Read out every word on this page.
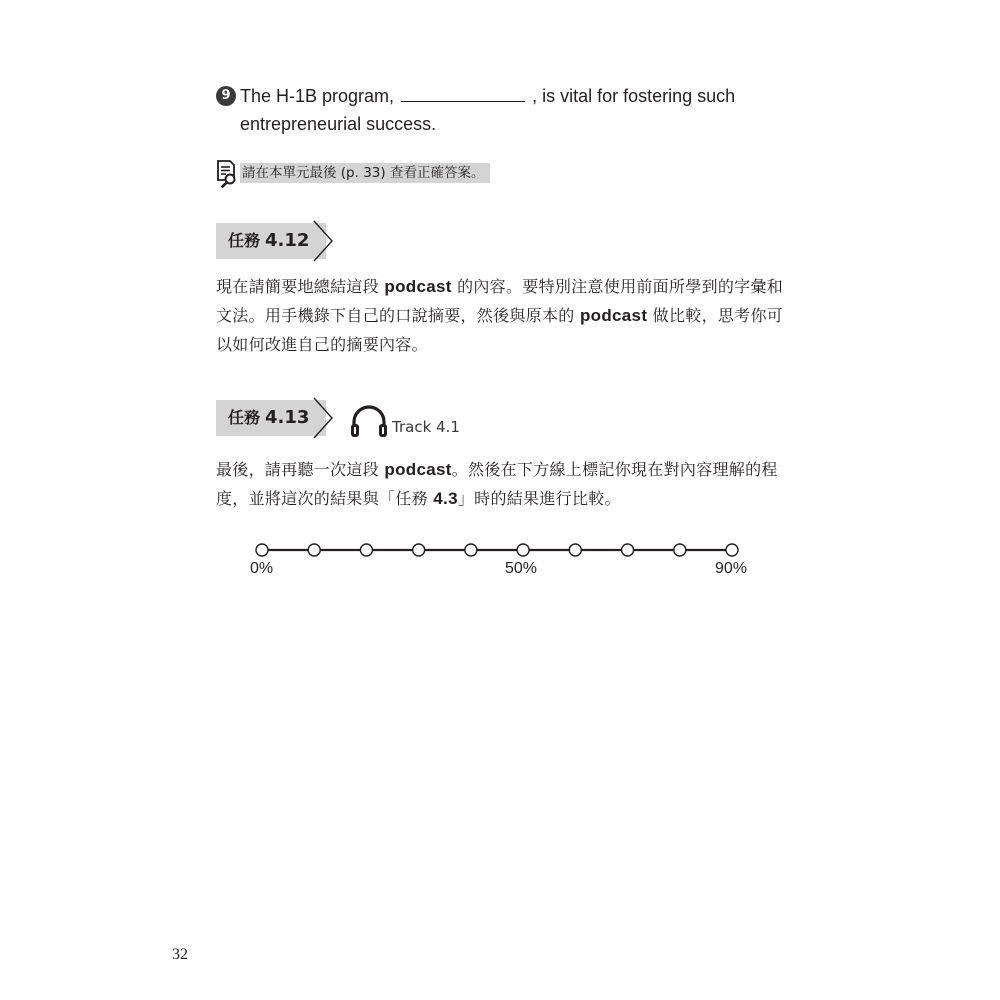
9 The H-1B program,	, is vital for fostering such
entrepreneurial success.
請在本單元最後 (p. 33) 查看正確答案。
任務 4.12
現在請簡要地總結這段 podcast 的內容。要特別注意使用前面所學到的字彙和文法。用手機錄下自己的口說摘要，然後與原本的 podcast 做比較，思考你可以如何改進自己的摘要內容。
任務 4.13	Track 4.1
最後，請再聽一次這段 podcast。然後在下方線上標記你現在對內容理解的程度，並將這次的結果與「任務 4.3」時的結果進行比較。
0%	50%	90%
32
